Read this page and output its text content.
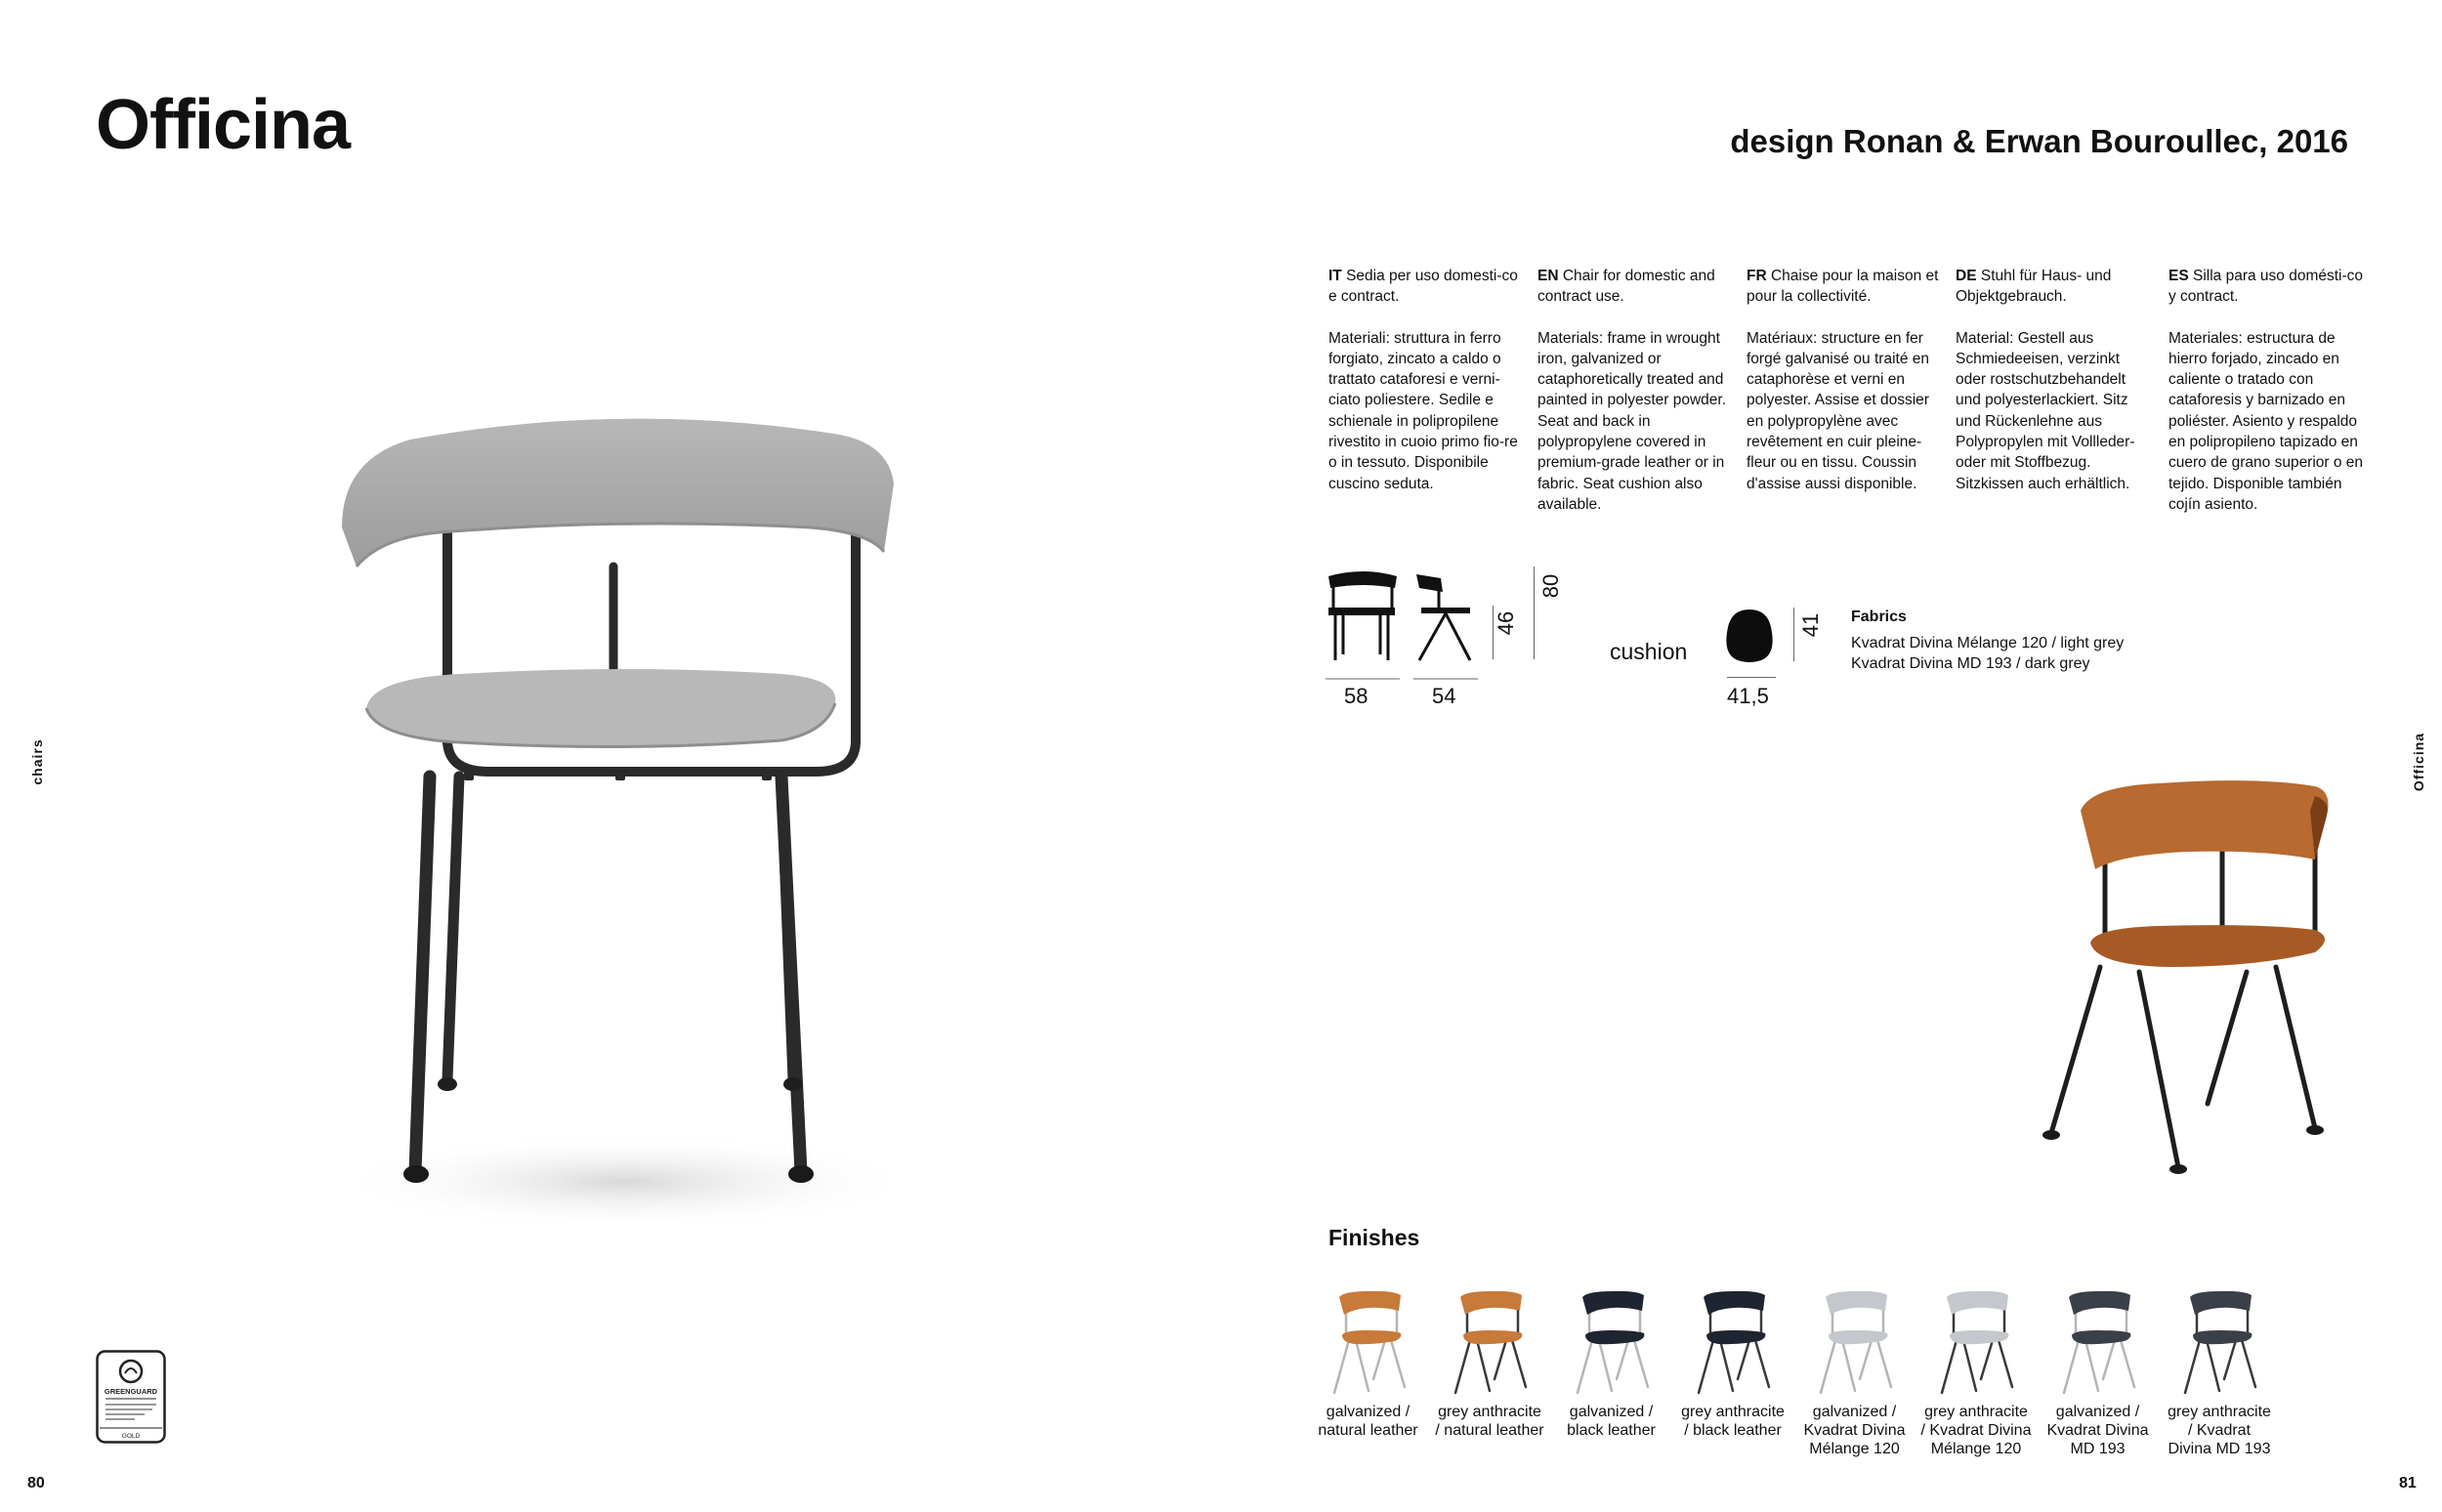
Officina	design Ronan & Erwan Bouroullec, 2016
chairs	Officina
80	81

IT Sedia per uso domesti-co e contract.

Materiali: struttura in ferro forgiato, zincato a caldo o trattato cataforesi e verni-ciato poliestere. Sedile e schienale in polipropilene rivestito in cuoio primo fio-re o in tessuto. Disponibile cuscino seduta.

EN Chair for domestic and contract use.

Materials: frame in wrought iron, galvanized or cataphoretically treated and painted in polyester powder. Seat and back in polypropylene covered in premium-grade leather or in fabric. Seat cushion also available.

FR Chaise pour la maison et pour la collectivité.

Matériaux: structure en fer forgé galvanisé ou traité en cataphorèse et verni en polyester. Assise et dossier en polypropylène avec revêtement en cuir pleine-fleur ou en tissu. Coussin d'assise aussi disponible.

DE Stuhl für Haus- und Objektgebrauch.

Material: Gestell aus Schmiedeeisen, verzinkt oder rostschutzbehandelt und polyesterlackiert. Sitz und Rückenlehne aus Polypropylen mit Vollleder-oder mit Stoffbezug. Sitzkissen auch erhältlich.

ES Silla para uso domésti-co y contract.

Materiales: estructura de hierro forjado, zincado en caliente o tratado con cataforesis y barnizado en poliéster. Asiento y respaldo en polipropileno tapizado en cuero de grano superior o en tejido. Disponible también cojín asiento.

58	54
46
80
cushion
41
41,5
Fabrics
Kvadrat Divina Mélange 120 / light grey
Kvadrat Divina MD 193 / dark grey
Finishes
galvanized /
natural leather
grey anthracite
/ natural leather
galvanized /
black leather
grey anthracite
/ black leather
galvanized /
Kvadrat Divina
Mélange 120
grey anthracite
/ Kvadrat Divina
Mélange 120
galvanized /
Kvadrat Divina
MD 193
grey anthracite
/ Kvadrat
Divina MD 193
GREENGUARD
GOLD
